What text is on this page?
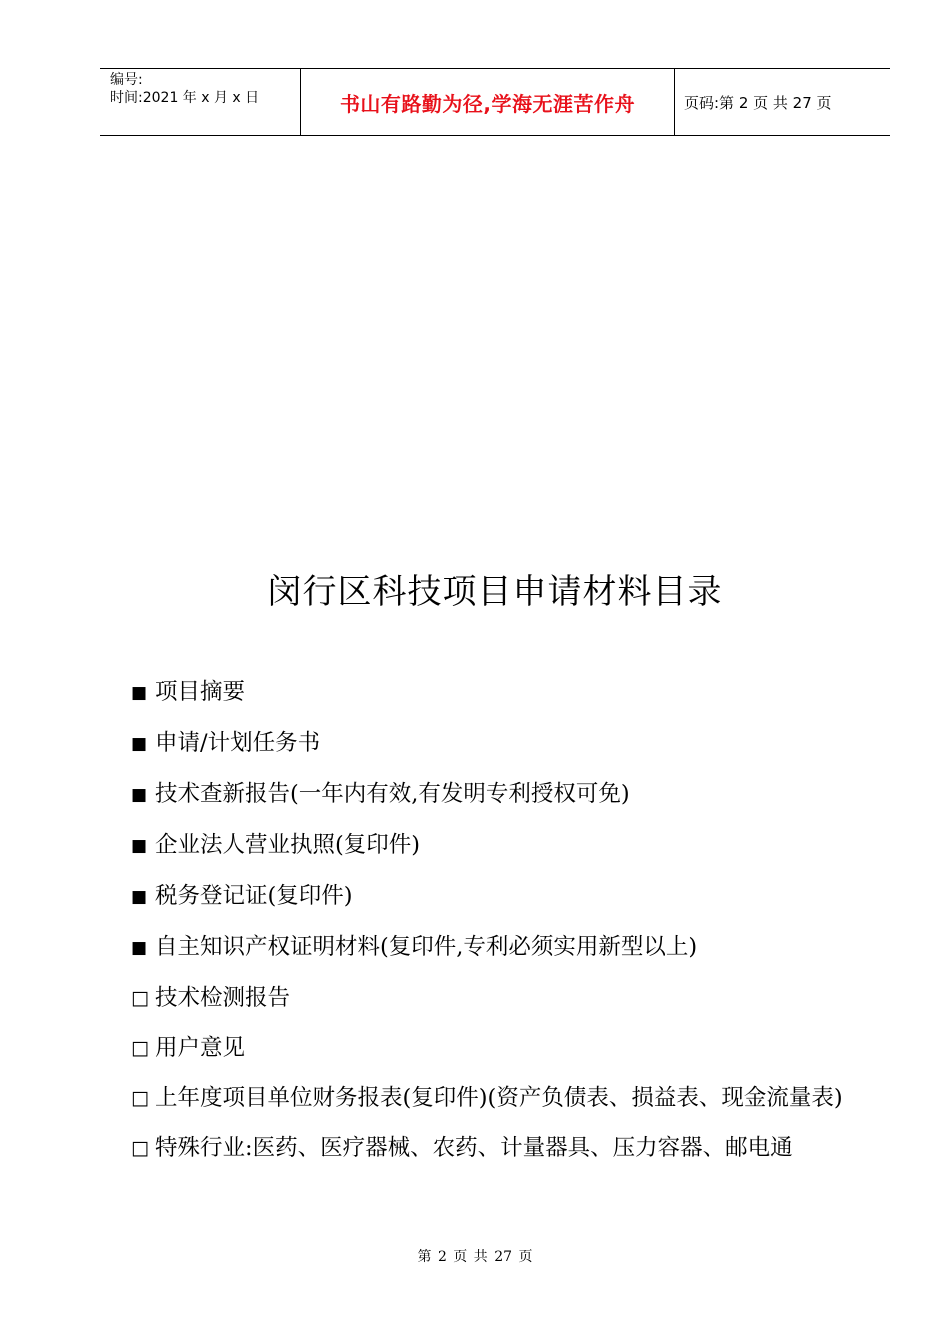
编号:
时间:2021 年 x 月 x 日	书山有路勤为径,学海无涯苦作舟	页码:第 2 页 共 27 页
闵行区科技项目申请材料目录
■ 项目摘要
■ 申请/计划任务书
■ 技术查新报告(一年内有效,有发明专利授权可免)
■ 企业法人营业执照(复印件)
■ 税务登记证(复印件)
■ 自主知识产权证明材料(复印件,专利必须实用新型以上)
□ 技术检测报告
□ 用户意见
□ 上年度项目单位财务报表(复印件)(资产负债表、损益表、现金流量表)
□ 特殊行业:医药、医疗器械、农药、计量器具、压力容器、邮电通
第 2 页 共 27 页
